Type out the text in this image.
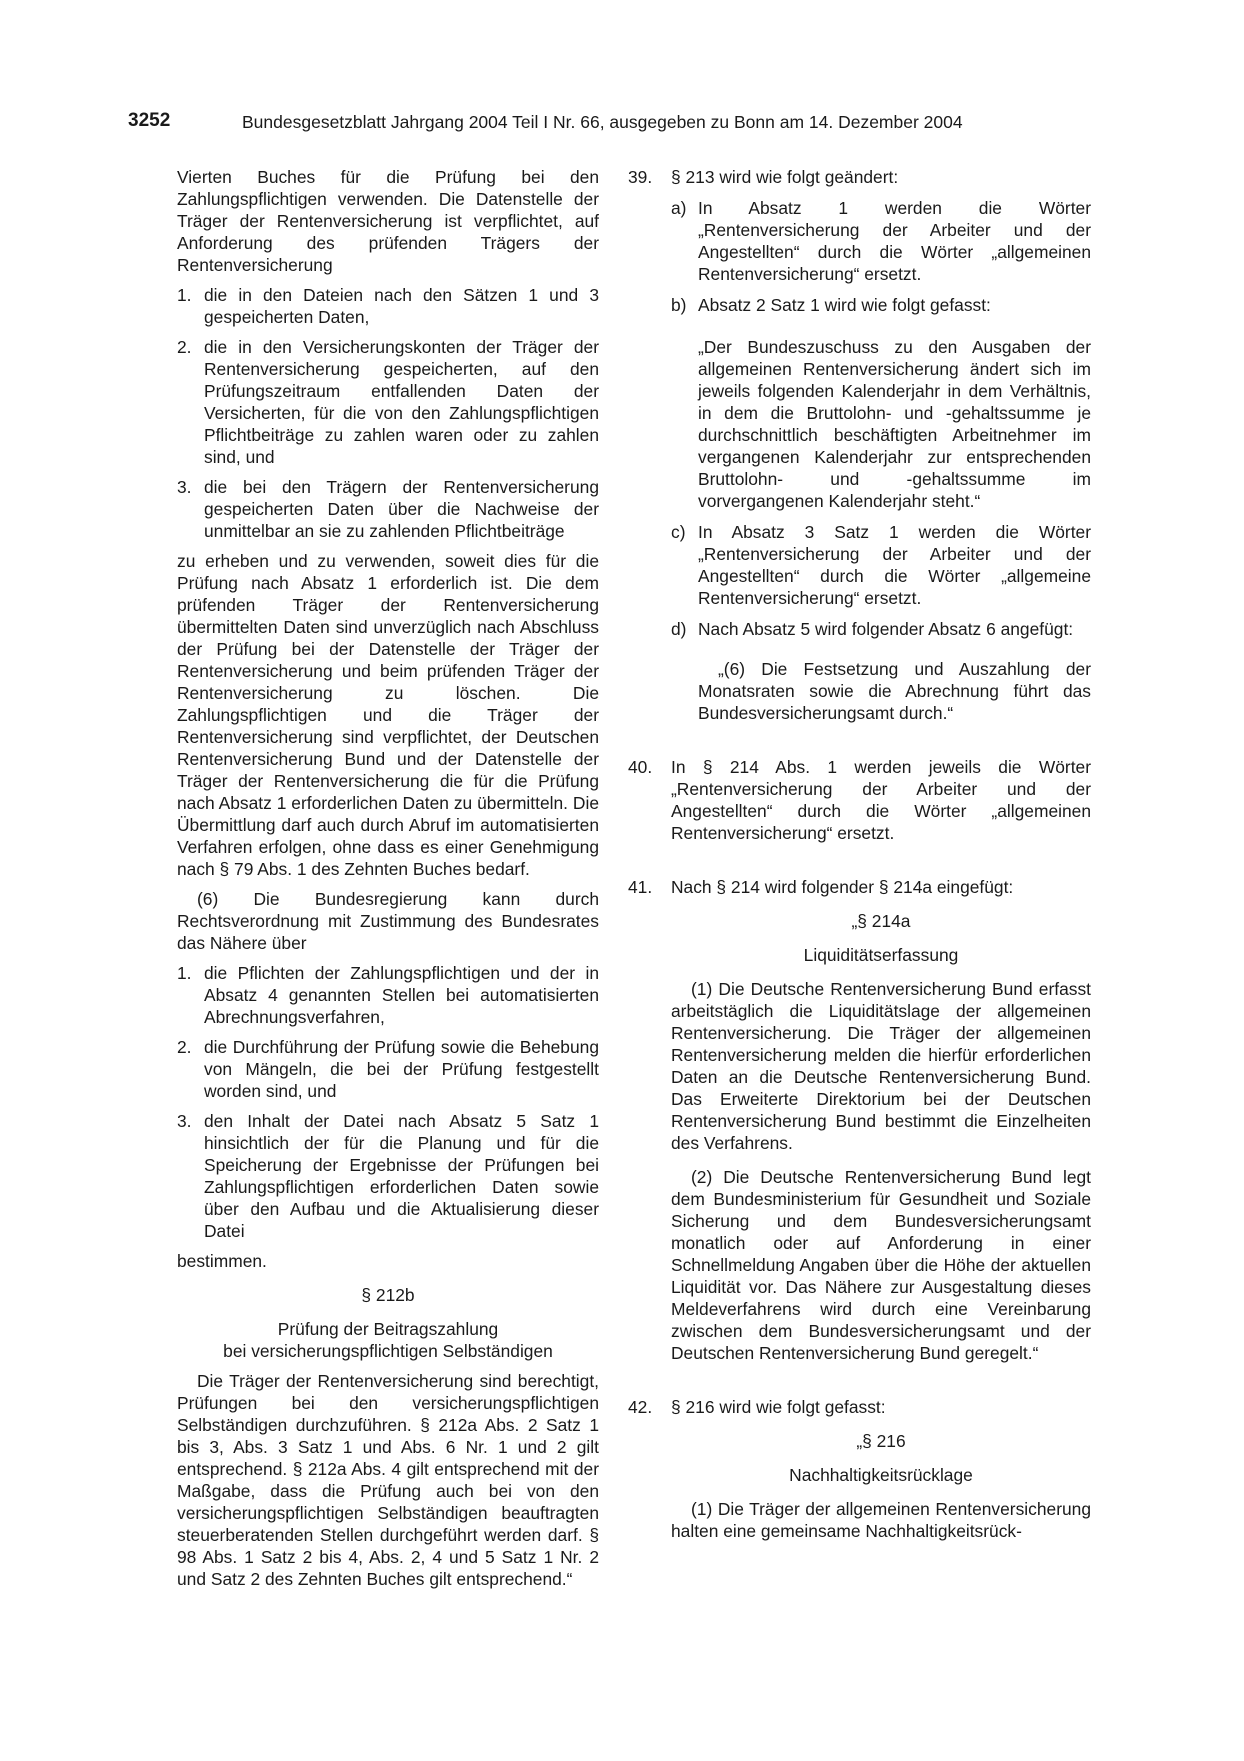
3252	Bundesgesetzblatt Jahrgang 2004 Teil I Nr. 66, ausgegeben zu Bonn am 14. Dezember 2004

Vierten Buches für die Prüfung bei den Zahlungspflichtigen verwenden. Die Datenstelle der Träger der Rentenversicherung ist verpflichtet, auf Anforderung des prüfenden Trägers der Rentenversicherung

1. die in den Dateien nach den Sätzen 1 und 3 gespeicherten Daten,
2. die in den Versicherungskonten der Träger der Rentenversicherung gespeicherten, auf den Prüfungszeitraum entfallenden Daten der Versicherten, für die von den Zahlungspflichtigen Pflichtbeiträge zu zahlen waren oder zu zahlen sind, und
3. die bei den Trägern der Rentenversicherung gespeicherten Daten über die Nachweise der unmittelbar an sie zu zahlenden Pflichtbeiträge

zu erheben und zu verwenden, soweit dies für die Prüfung nach Absatz 1 erforderlich ist. Die dem prüfenden Träger der Rentenversicherung übermittelten Daten sind unverzüglich nach Abschluss der Prüfung bei der Datenstelle der Träger der Rentenversicherung und beim prüfenden Träger der Rentenversicherung zu löschen. Die Zahlungspflichtigen und die Träger der Rentenversicherung sind verpflichtet, der Deutschen Rentenversicherung Bund und der Datenstelle der Träger der Rentenversicherung die für die Prüfung nach Absatz 1 erforderlichen Daten zu übermitteln. Die Übermittlung darf auch durch Abruf im automatisierten Verfahren erfolgen, ohne dass es einer Genehmigung nach § 79 Abs. 1 des Zehnten Buches bedarf.

(6) Die Bundesregierung kann durch Rechtsverordnung mit Zustimmung des Bundesrates das Nähere über

1. die Pflichten der Zahlungspflichtigen und der in Absatz 4 genannten Stellen bei automatisierten Abrechnungsverfahren,
2. die Durchführung der Prüfung sowie die Behebung von Mängeln, die bei der Prüfung festgestellt worden sind, und
3. den Inhalt der Datei nach Absatz 5 Satz 1 hinsichtlich der für die Planung und für die Speicherung der Ergebnisse der Prüfungen bei Zahlungspflichtigen erforderlichen Daten sowie über den Aufbau und die Aktualisierung dieser Datei

bestimmen.

§ 212b

Prüfung der Beitragszahlung

bei versicherungspflichtigen Selbständigen

Die Träger der Rentenversicherung sind berechtigt, Prüfungen bei den versicherungspflichtigen Selbständigen durchzuführen. § 212a Abs. 2 Satz 1 bis 3, Abs. 3 Satz 1 und Abs. 6 Nr. 1 und 2 gilt entsprechend. § 212a Abs. 4 gilt entsprechend mit der Maßgabe, dass die Prüfung auch bei von den versicherungspflichtigen Selbständigen beauftragten steuerberatenden Stellen durchgeführt werden darf. § 98 Abs. 1 Satz 2 bis 4, Abs. 2, 4 und 5 Satz 1 Nr. 2 und Satz 2 des Zehnten Buches gilt entsprechend.“

39. § 213 wird wie folgt geändert:

a) In Absatz 1 werden die Wörter „Rentenversicherung der Arbeiter und der Angestellten“ durch die Wörter „allgemeinen Rentenversicherung“ ersetzt.
b) Absatz 2 Satz 1 wird wie folgt gefasst:

„Der Bundeszuschuss zu den Ausgaben der allgemeinen Rentenversicherung ändert sich im jeweils folgenden Kalenderjahr in dem Verhältnis, in dem die Bruttolohn- und -gehaltssumme je durchschnittlich beschäftigten Arbeitnehmer im vergangenen Kalenderjahr zur entsprechenden Bruttolohn- und -gehaltssumme im vorvergangenen Kalenderjahr steht.“

c) In Absatz 3 Satz 1 werden die Wörter „Rentenversicherung der Arbeiter und der Angestellten“ durch die Wörter „allgemeine Rentenversicherung“ ersetzt.
d) Nach Absatz 5 wird folgender Absatz 6 angefügt:

„(6) Die Festsetzung und Auszahlung der Monatsraten sowie die Abrechnung führt das Bundesversicherungsamt durch.“

40. In § 214 Abs. 1 werden jeweils die Wörter „Rentenversicherung der Arbeiter und der Angestellten“ durch die Wörter „allgemeinen Rentenversicherung“ ersetzt.

41. Nach § 214 wird folgender § 214a eingefügt:

„§ 214a

Liquiditätserfassung

(1) Die Deutsche Rentenversicherung Bund erfasst arbeitstäglich die Liquiditätslage der allgemeinen Rentenversicherung. Die Träger der allgemeinen Rentenversicherung melden die hierfür erforderlichen Daten an die Deutsche Rentenversicherung Bund. Das Erweiterte Direktorium bei der Deutschen Rentenversicherung Bund bestimmt die Einzelheiten des Verfahrens.

(2) Die Deutsche Rentenversicherung Bund legt dem Bundesministerium für Gesundheit und Soziale Sicherung und dem Bundesversicherungsamt monatlich oder auf Anforderung in einer Schnellmeldung Angaben über die Höhe der aktuellen Liquidität vor. Das Nähere zur Ausgestaltung dieses Meldeverfahrens wird durch eine Vereinbarung zwischen dem Bundesversicherungsamt und der Deutschen Rentenversicherung Bund geregelt.“

42. § 216 wird wie folgt gefasst:

„§ 216

Nachhaltigkeitsrücklage

(1) Die Träger der allgemeinen Rentenversicherung halten eine gemeinsame Nachhaltigkeitsrück-
